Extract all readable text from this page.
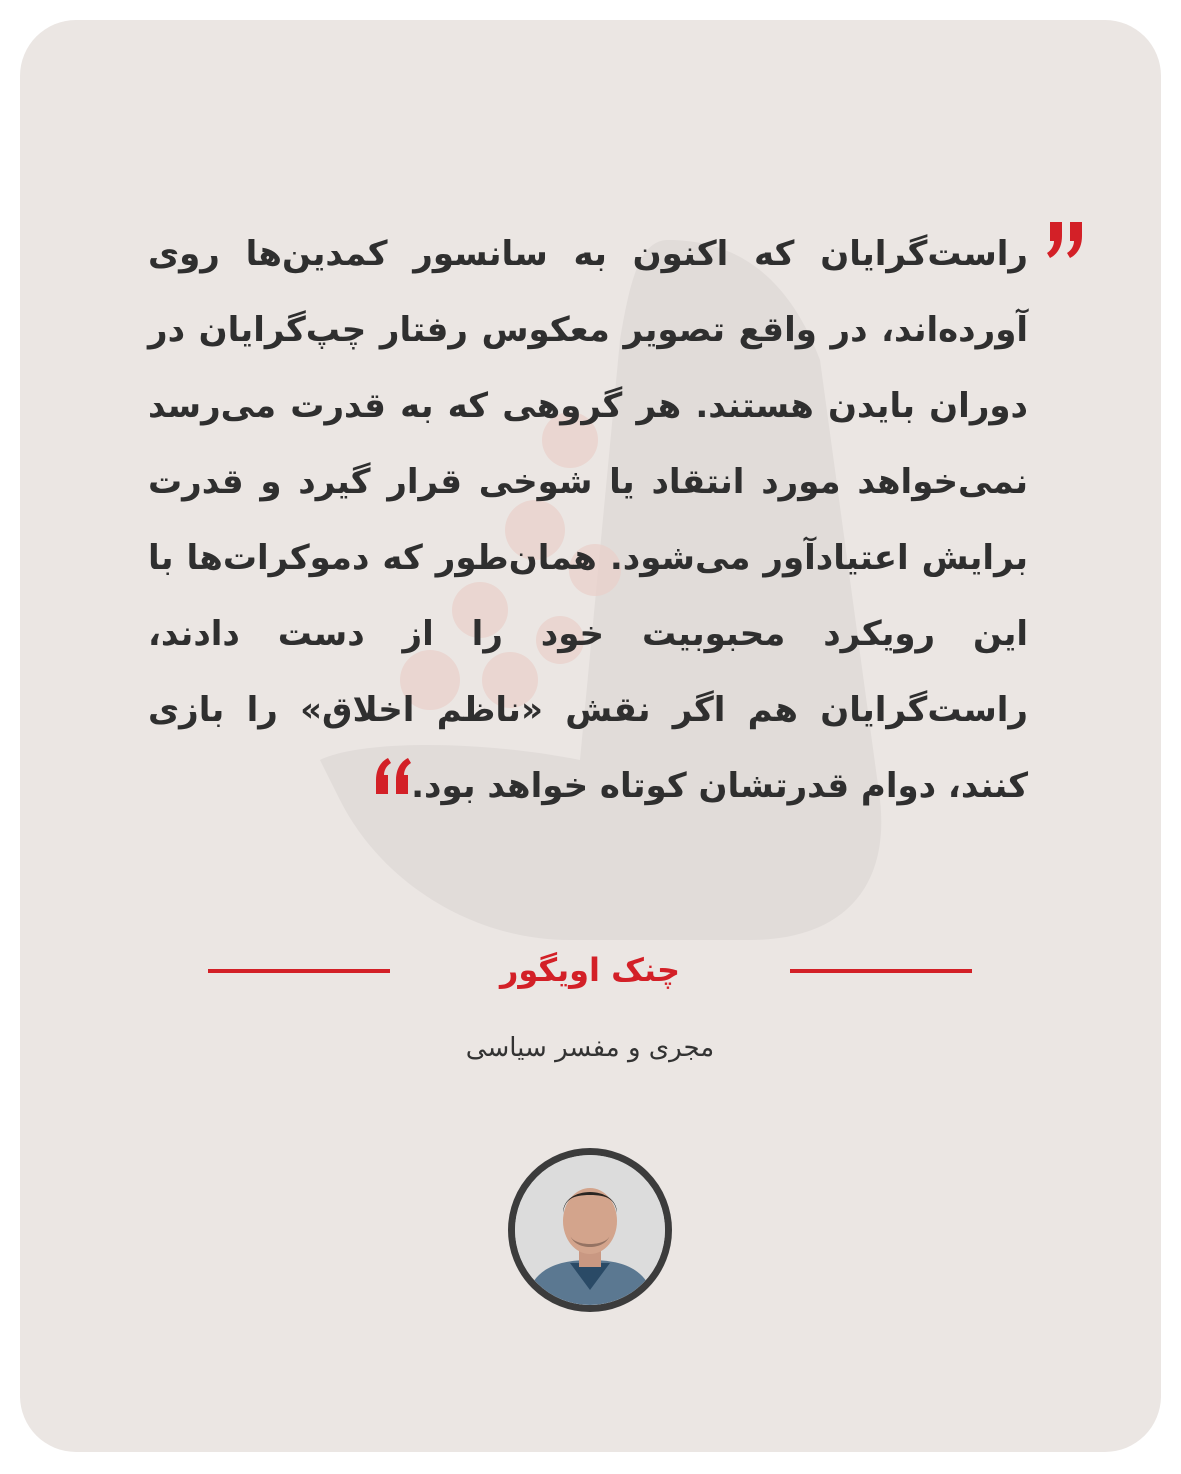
راست‌گرایان که اکنون به سانسور کمدین‌ها روی آورده‌اند، در واقع تصویر معکوس رفتار چپ‌گرایان در دوران بایدن هستند. هر گروهی که به قدرت می‌رسد نمی‌خواهد مورد انتقاد یا شوخی قرار گیرد و قدرت برایش اعتیادآور می‌شود. همان‌طور که دموکرات‌ها با این رویکرد محبوبیت خود را از دست دادند، راست‌گرایان هم اگر نقش «ناظم اخلاق» را بازی کنند، دوام قدرتشان کوتاه خواهد بود.

چنک اویگور

مجری و مفسر سیاسی
